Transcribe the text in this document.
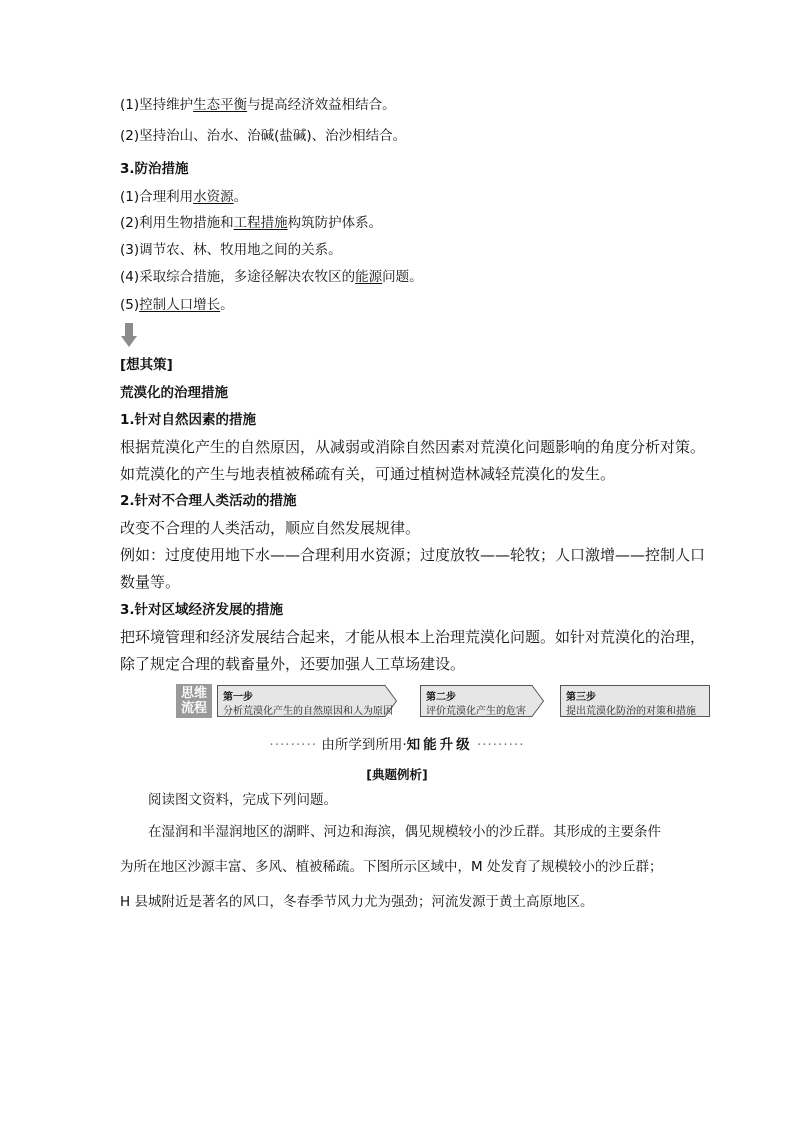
(1)坚持维护生态平衡与提高经济效益相结合。
(2)坚持治山、治水、治碱(盐碱)、治沙相结合。
3.防治措施
(1)合理利用水资源。
(2)利用生物措施和工程措施构筑防护体系。
(3)调节农、林、牧用地之间的关系。
(4)采取综合措施，多途径解决农牧区的能源问题。
(5)控制人口增长。
[想其策]
荒漠化的治理措施
1.针对自然因素的措施
根据荒漠化产生的自然原因，从减弱或消除自然因素对荒漠化问题影响的角度分析对策。
如荒漠化的产生与地表植被稀疏有关，可通过植树造林减轻荒漠化的发生。
2.针对不合理人类活动的措施
改变不合理的人类活动，顺应自然发展规律。
例如：过度使用地下水——合理利用水资源；过度放牧——轮牧；人口激增——控制人口
数量等。
3.针对区域经济发展的措施
把环境管理和经济发展结合起来，才能从根本上治理荒漠化问题。如针对荒漠化的治理，
除了规定合理的载畜量外，还要加强人工草场建设。
思维
流程
第一步
分析荒漠化产生的自然原因和人为原因
第二步
评价荒漠化产生的危害
第三步
提出荒漠化防治的对策和措施
········· 由所学到所用·知能升级 ·········
[典题例析]
阅读图文资料，完成下列问题。
在湿润和半湿润地区的湖畔、河边和海滨，偶见规模较小的沙丘群。其形成的主要条件
为所在地区沙源丰富、多风、植被稀疏。下图所示区域中，M 处发育了规模较小的沙丘群；
H 县城附近是著名的风口，冬春季节风力尤为强劲；河流发源于黄土高原地区。
